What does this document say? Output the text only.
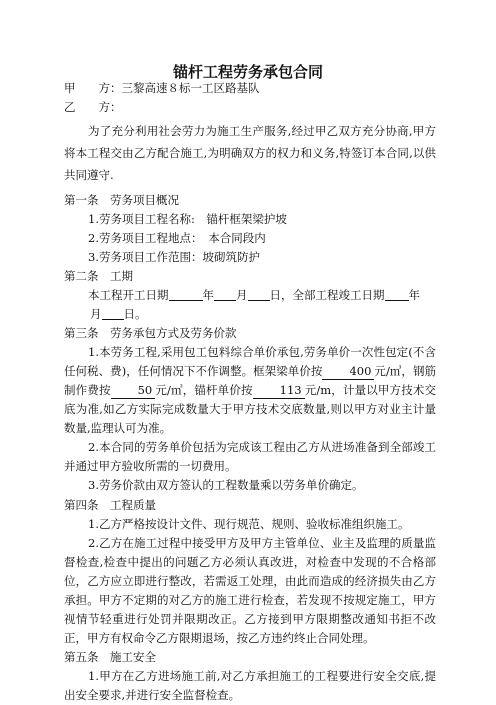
锚杆工程劳务承包合同
甲　　方：三黎高速８标一工区路基队
乙　　方：

为了充分利用社会劳力为施工生产服务,经过甲乙双方充分协商,甲方将本工程交由乙方配合施工,为明确双方的权力和义务,特签订本合同,以供共同遵守.

第一条　劳务项目概况
1.劳务项目工程名称:　锚杆框架梁护坡
2.劳务项目工程地点：　本合同段内
3.劳务项目工作范围：坡砌筑防护
第二条　工期
本工程开工日期	年 月 日，全部工程竣工日期 年
月 日。
第三条　劳务承包方式及劳务价款

1.本劳务工程,采用包工包料综合单价承包,劳务单价一次性包定(不含任何税、费)，任何情况下不作调整。框架梁单价按 400 元/㎥，钢筋制作费按 50 元/㎥，锚杆单价按 113 元/m，计量以甲方技术交底为准,如乙方实际完成数量大于甲方技术交底数量,则以甲方对业主计量数量,监理认可为准。

2.本合同的劳务单价包括为完成该工程由乙方从进场准备到全部竣工并通过甲方验收所需的一切费用。

3.劳务价款由双方签认的工程数量乘以劳务单价确定。

第四条　工程质量

1.乙方严格按设计文件、现行规范、规则、验收标准组织施工。

2.乙方在施工过程中接受甲方及甲方主管单位、业主及监理的质量监督检查,检查中提出的问题乙方必须认真改进，对检查中发现的不合格部位，乙方应立即进行整改，若需返工处理，由此而造成的经济损失由乙方承担。甲方不定期的对乙方的施工进行检查，若发现不按规定施工，甲方视情节轻重进行处罚并限期改正。乙方接到甲方限期整改通知书拒不改正，甲方有权命令乙方限期退场，按乙方违约终止合同处理。

第五条　施工安全

1.甲方在乙方进场施工前,对乙方承担施工的工程要进行安全交底,提出安全要求,并进行安全监督检查。
